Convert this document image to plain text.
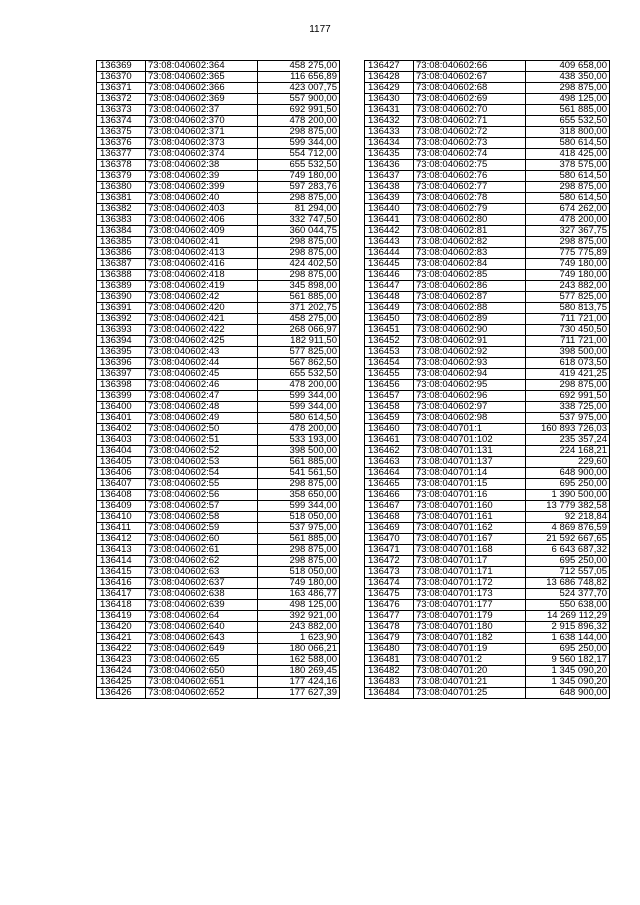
1177
136369	73:08:040602:364	458 275,00
136370	73:08:040602:365	116 656,89
136371	73:08:040602:366	423 007,75
136372	73:08:040602:369	557 900,00
136373	73:08:040602:37	692 991,50
136374	73:08:040602:370	478 200,00
136375	73:08:040602:371	298 875,00
136376	73:08:040602:373	599 344,00
136377	73:08:040602:374	554 712,00
136378	73:08:040602:38	655 532,50
136379	73:08:040602:39	749 180,00
136380	73:08:040602:399	597 283,76
136381	73:08:040602:40	298 875,00
136382	73:08:040602:403	81 294,00
136383	73:08:040602:406	332 747,50
136384	73:08:040602:409	360 044,75
136385	73:08:040602:41	298 875,00
136386	73:08:040602:413	298 875,00
136387	73:08:040602:416	424 402,50
136388	73:08:040602:418	298 875,00
136389	73:08:040602:419	345 898,00
136390	73:08:040602:42	561 885,00
136391	73:08:040602:420	371 202,75
136392	73:08:040602:421	458 275,00
136393	73:08:040602:422	268 066,97
136394	73:08:040602:425	182 911,50
136395	73:08:040602:43	577 825,00
136396	73:08:040602:44	567 862,50
136397	73:08:040602:45	655 532,50
136398	73:08:040602:46	478 200,00
136399	73:08:040602:47	599 344,00
136400	73:08:040602:48	599 344,00
136401	73:08:040602:49	580 614,50
136402	73:08:040602:50	478 200,00
136403	73:08:040602:51	533 193,00
136404	73:08:040602:52	398 500,00
136405	73:08:040602:53	561 885,00
136406	73:08:040602:54	541 561,50
136407	73:08:040602:55	298 875,00
136408	73:08:040602:56	358 650,00
136409	73:08:040602:57	599 344,00
136410	73:08:040602:58	518 050,00
136411	73:08:040602:59	537 975,00
136412	73:08:040602:60	561 885,00
136413	73:08:040602:61	298 875,00
136414	73:08:040602:62	298 875,00
136415	73:08:040602:63	518 050,00
136416	73:08:040602:637	749 180,00
136417	73:08:040602:638	163 486,77
136418	73:08:040602:639	498 125,00
136419	73:08:040602:64	392 921,00
136420	73:08:040602:640	243 882,00
136421	73:08:040602:643	1 623,90
136422	73:08:040602:649	180 066,21
136423	73:08:040602:65	162 588,00
136424	73:08:040602:650	180 269,45
136425	73:08:040602:651	177 424,16
136426	73:08:040602:652	177 627,39
136427	73:08:040602:66	409 658,00
136428	73:08:040602:67	438 350,00
136429	73:08:040602:68	298 875,00
136430	73:08:040602:69	498 125,00
136431	73:08:040602:70	561 885,00
136432	73:08:040602:71	655 532,50
136433	73:08:040602:72	318 800,00
136434	73:08:040602:73	580 614,50
136435	73:08:040602:74	418 425,00
136436	73:08:040602:75	378 575,00
136437	73:08:040602:76	580 614,50
136438	73:08:040602:77	298 875,00
136439	73:08:040602:78	580 614,50
136440	73:08:040602:79	674 262,00
136441	73:08:040602:80	478 200,00
136442	73:08:040602:81	327 367,75
136443	73:08:040602:82	298 875,00
136444	73:08:040602:83	775 775,89
136445	73:08:040602:84	749 180,00
136446	73:08:040602:85	749 180,00
136447	73:08:040602:86	243 882,00
136448	73:08:040602:87	577 825,00
136449	73:08:040602:88	580 813,75
136450	73:08:040602:89	711 721,00
136451	73:08:040602:90	730 450,50
136452	73:08:040602:91	711 721,00
136453	73:08:040602:92	398 500,00
136454	73:08:040602:93	618 073,50
136455	73:08:040602:94	419 421,25
136456	73:08:040602:95	298 875,00
136457	73:08:040602:96	692 991,50
136458	73:08:040602:97	338 725,00
136459	73:08:040602:98	537 975,00
136460	73:08:040701:1	160 893 726,03
136461	73:08:040701:102	235 357,24
136462	73:08:040701:131	224 168,21
136463	73:08:040701:137	229,60
136464	73:08:040701:14	648 900,00
136465	73:08:040701:15	695 250,00
136466	73:08:040701:16	1 390 500,00
136467	73:08:040701:160	13 779 382,58
136468	73:08:040701:161	92 218,84
136469	73:08:040701:162	4 869 876,59
136470	73:08:040701:167	21 592 667,65
136471	73:08:040701:168	6 643 687,32
136472	73:08:040701:17	695 250,00
136473	73:08:040701:171	712 557,05
136474	73:08:040701:172	13 686 748,82
136475	73:08:040701:173	524 377,70
136476	73:08:040701:177	550 638,00
136477	73:08:040701:179	14 269 112,29
136478	73:08:040701:180	2 915 896,32
136479	73:08:040701:182	1 638 144,00
136480	73:08:040701:19	695 250,00
136481	73:08:040701:2	9 560 182,17
136482	73:08:040701:20	1 345 090,20
136483	73:08:040701:21	1 345 090,20
136484	73:08:040701:25	648 900,00
